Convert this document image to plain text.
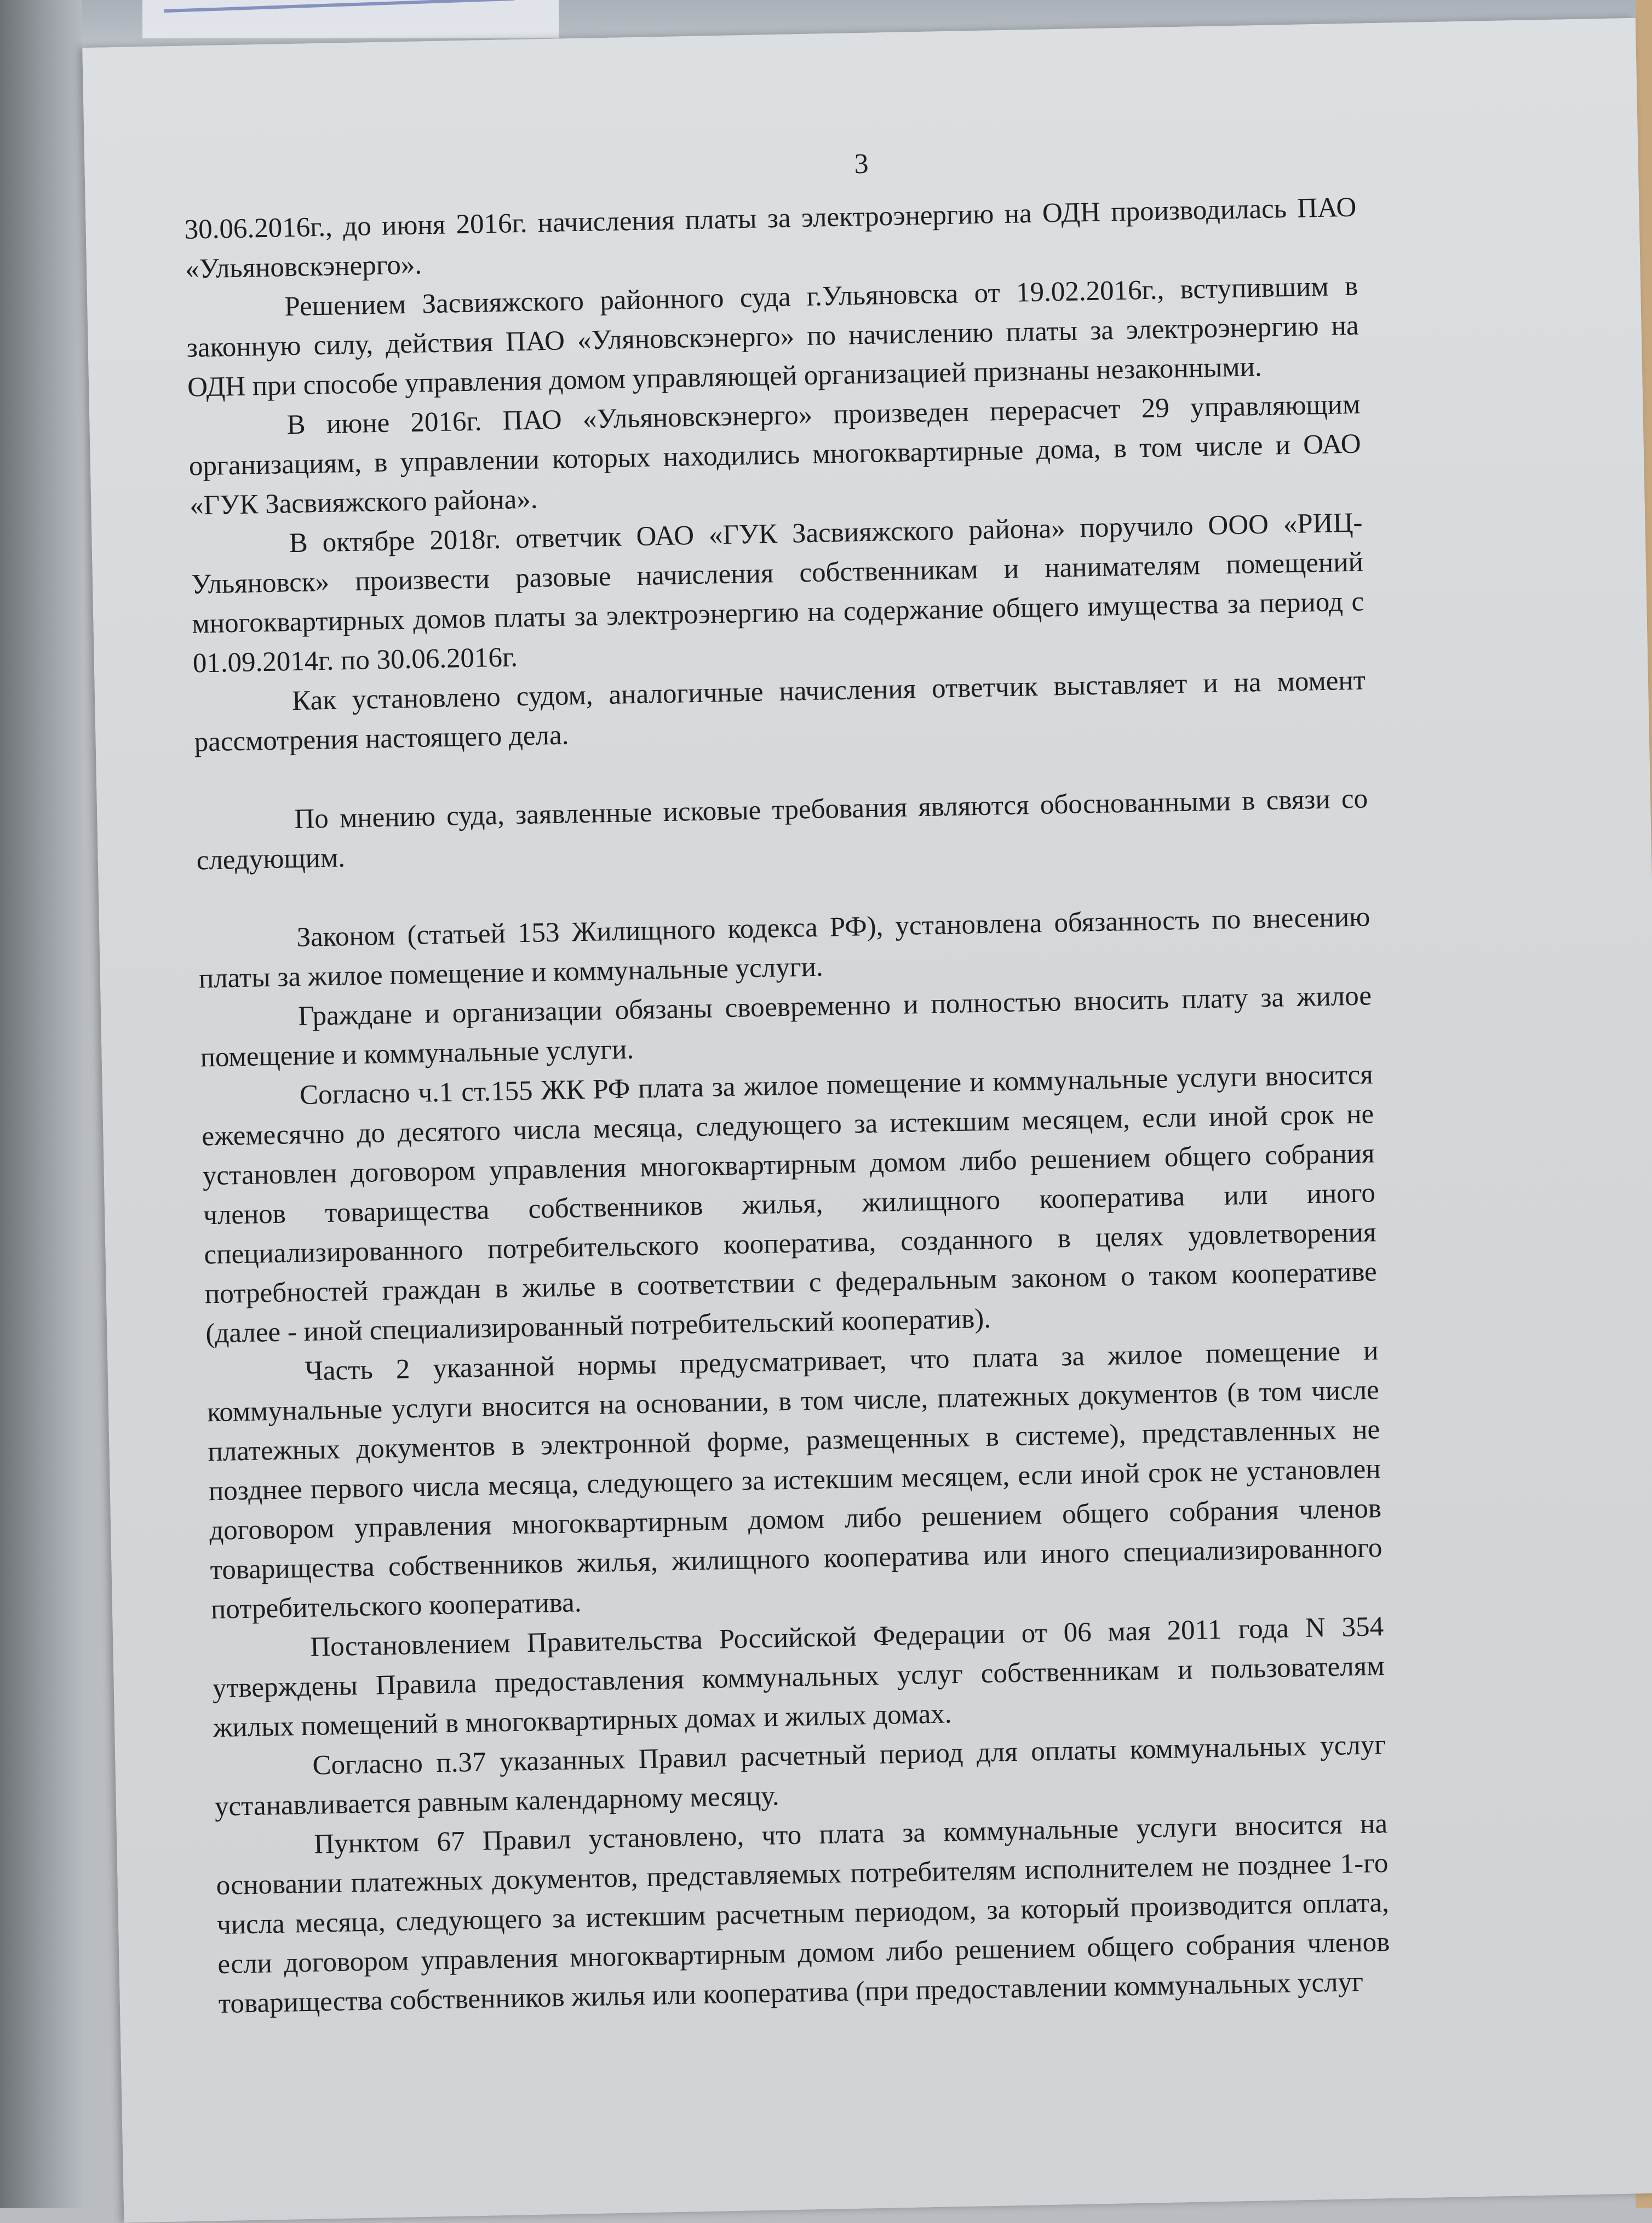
3

30.06.2016г., до июня 2016г. начисления платы за электроэнергию на ОДН производилась ПАО «Ульяновскэнерго».

Решением Засвияжского районного суда г.Ульяновска от 19.02.2016г., вступившим в законную силу, действия ПАО «Уляновскэнерго» по начислению платы за электроэнергию на ОДН при способе управления домом управляющей организацией признаны незаконными.

В июне 2016г. ПАО «Ульяновскэнерго» произведен перерасчет 29 управляющим организациям, в управлении которых находились многоквартирные дома, в том числе и ОАО «ГУК Засвияжского района».

В октябре 2018г. ответчик ОАО «ГУК Засвияжского района» поручило ООО «РИЦ-Ульяновск» произвести разовые начисления собственникам и нанимателям помещений многоквартирных домов платы за электроэнергию на содержание общего имущества за период с 01.09.2014г. по 30.06.2016г.

Как установлено судом, аналогичные начисления ответчик выставляет и на момент рассмотрения настоящего дела.

По мнению суда, заявленные исковые требования являются обоснованными в связи со следующим.

Законом (статьей 153 Жилищного кодекса РФ), установлена обязанность по внесению платы за жилое помещение и коммунальные услуги.

Граждане и организации обязаны своевременно и полностью вносить плату за жилое помещение и коммунальные услуги.

Согласно ч.1 ст.155 ЖК РФ плата за жилое помещение и коммунальные услуги вносится ежемесячно до десятого числа месяца, следующего за истекшим месяцем, если иной срок не установлен договором управления многоквартирным домом либо решением общего собрания членов товарищества собственников жилья, жилищного кооператива или иного специализированного потребительского кооператива, созданного в целях удовлетворения потребностей граждан в жилье в соответствии с федеральным законом о таком кооперативе (далее - иной специализированный потребительский кооператив).

Часть 2 указанной нормы предусматривает, что плата за жилое помещение и коммунальные услуги вносится на основании, в том числе, платежных документов (в том числе платежных документов в электронной форме, размещенных в системе), представленных не позднее первого числа месяца, следующего за истекшим месяцем, если иной срок не установлен договором управления многоквартирным домом либо решением общего собрания членов товарищества собственников жилья, жилищного кооператива или иного специализированного потребительского кооператива.

Постановлением Правительства Российской Федерации от 06 мая 2011 года N 354 утверждены Правила предоставления коммунальных услуг собственникам и пользователям жилых помещений в многоквартирных домах и жилых домах.

Согласно п.37 указанных Правил расчетный период для оплаты коммунальных услуг устанавливается равным календарному месяцу.

Пунктом 67 Правил установлено, что плата за коммунальные услуги вносится на основании платежных документов, представляемых потребителям исполнителем не позднее 1-го числа месяца, следующего за истекшим расчетным периодом, за который производится оплата, если договором управления многоквартирным домом либо решением общего собрания членов товарищества собственников жилья или кооператива (при предоставлении коммунальных услуг
